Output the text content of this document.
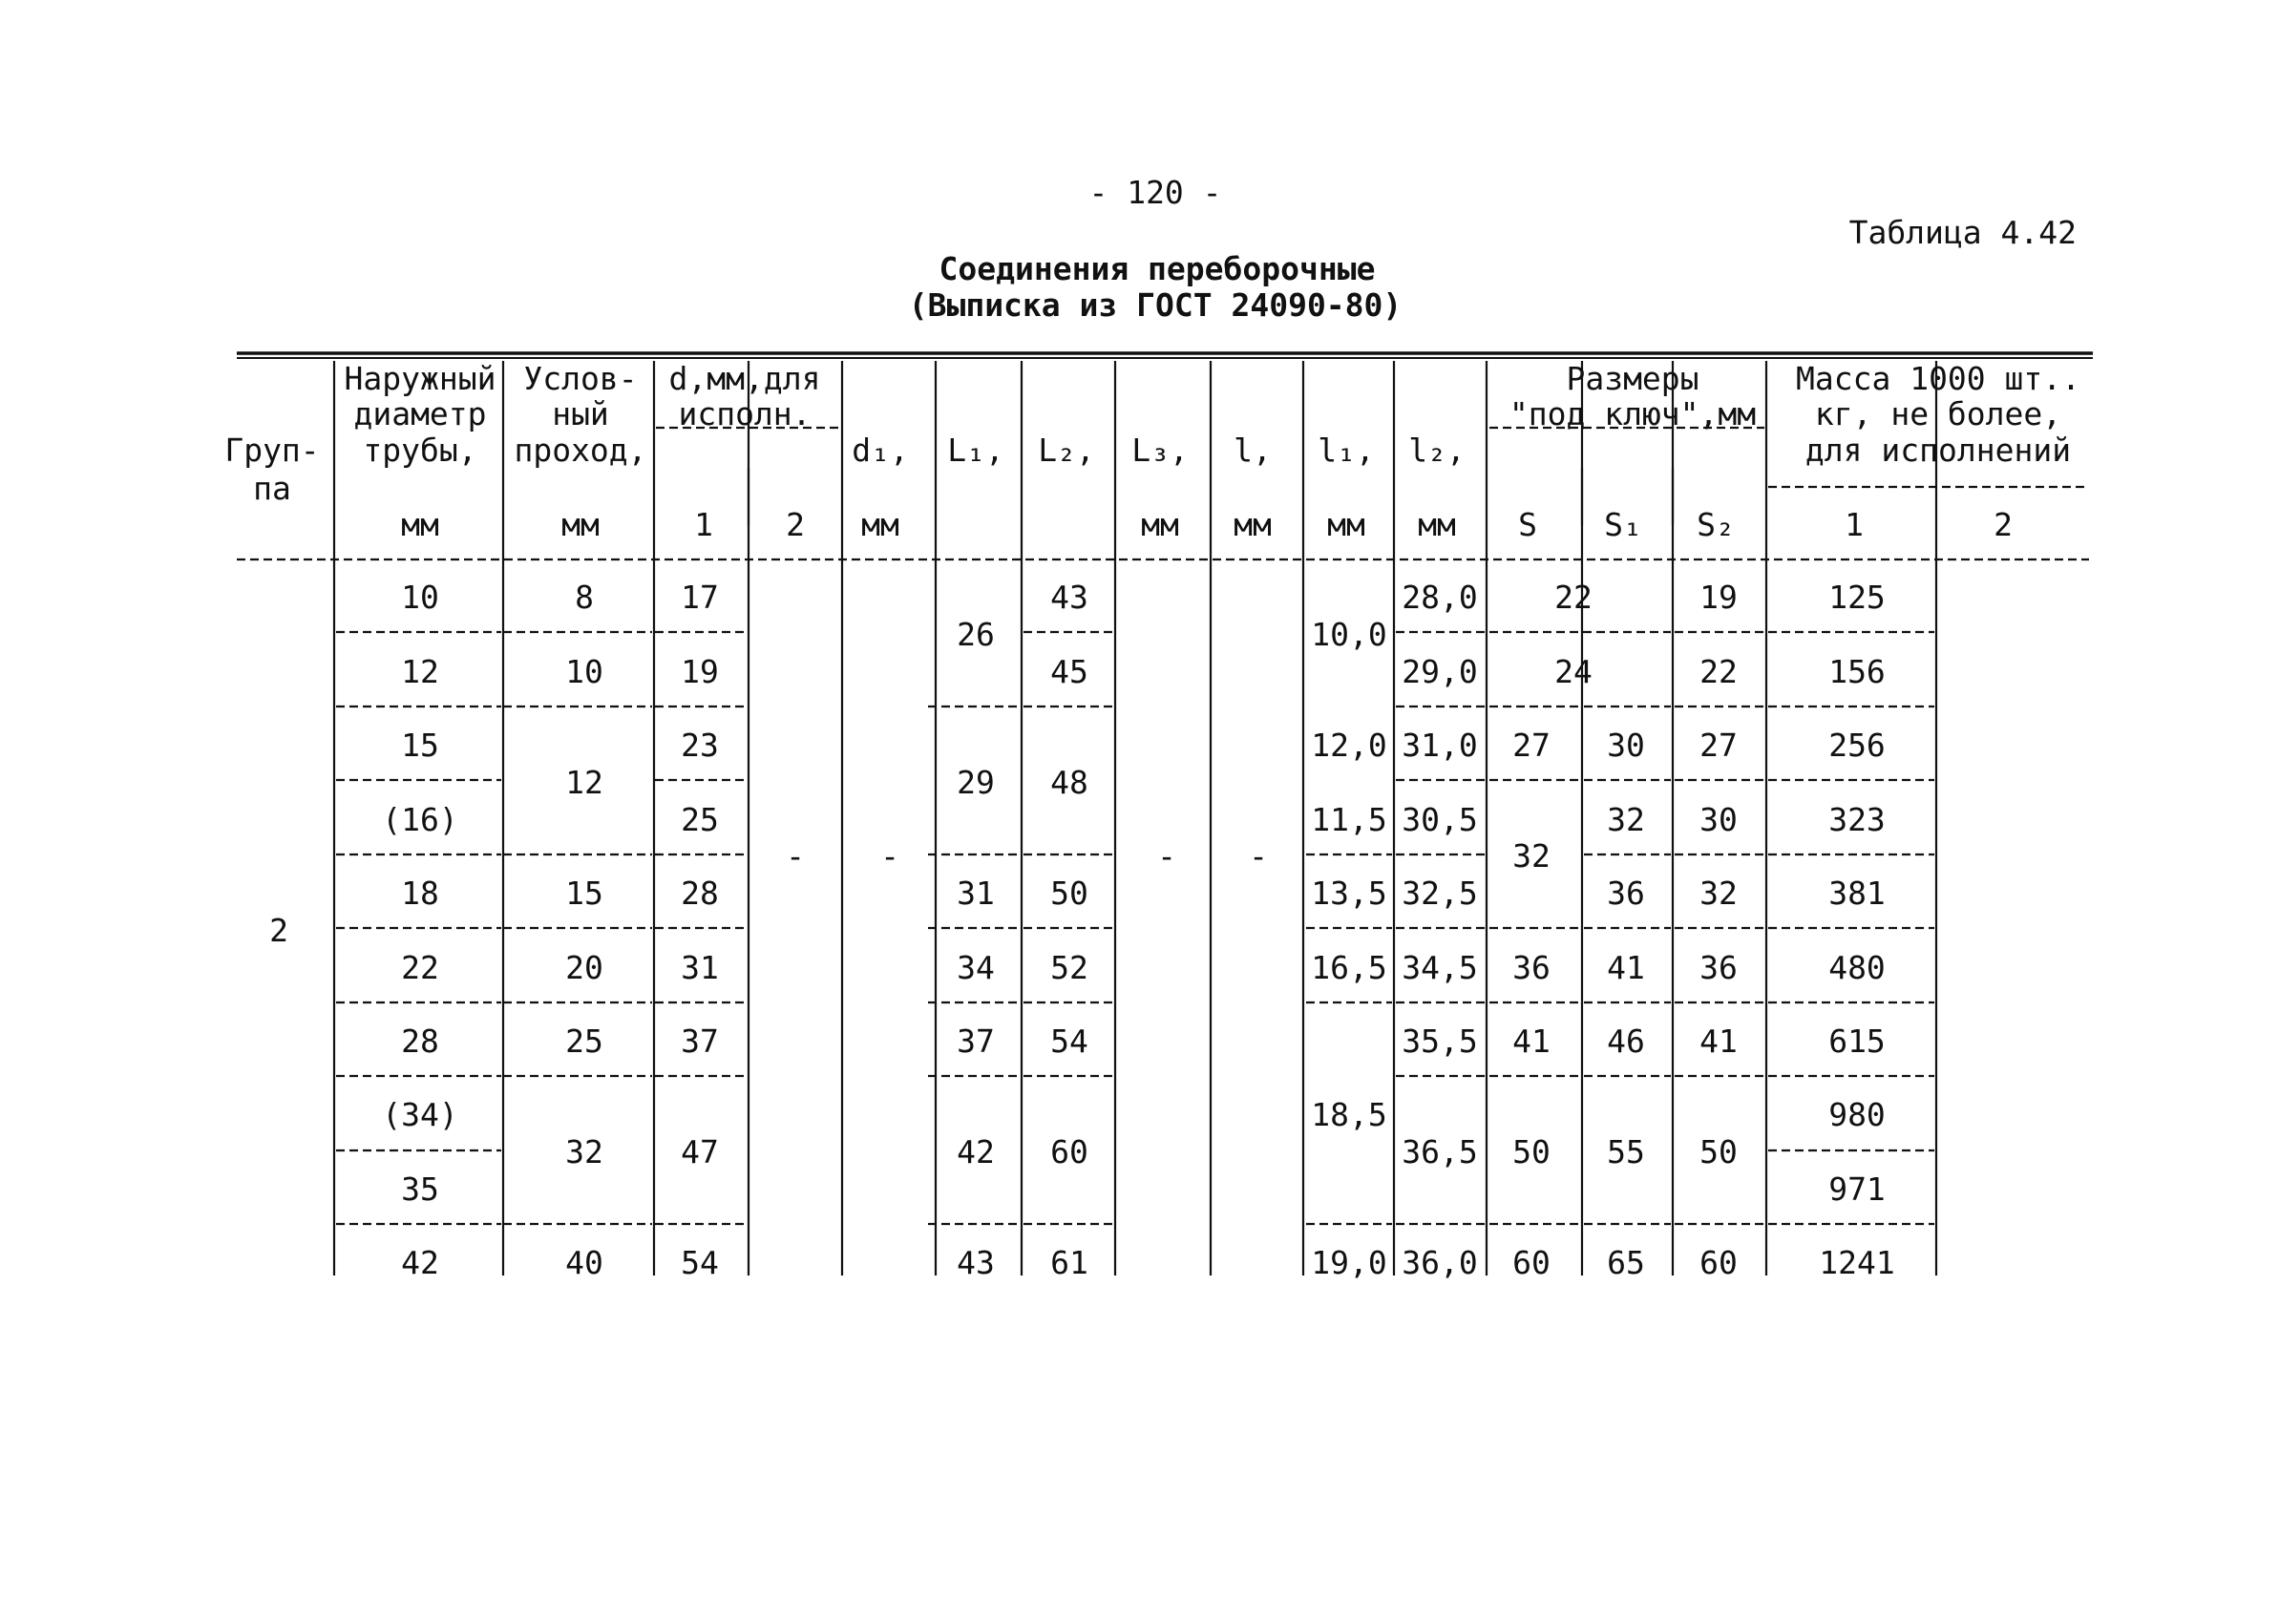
- 120 -
Таблица 4.42
Соединения переборочные
(Выписка из ГОСТ 24090-80)
Груп-
па
Наружный
диаметр
трубы,
мм
Услов-
ный
проход,
мм
d,мм,для
исполн.
1 2
d₁,
мм
L₁, L₂, L₃,
мм
l,
мм
l₁,
мм
l₂,
мм
Размеры
"под ключ",мм
S S₁ S₂
Масса 1000 шт..
кг, не более,
для исполнений
1	2
2
- -	- -
10
12
15
(16)
18
22
28
(34)
35
42
8
10
12
15
20
25
32
40
17
19
23
25
28
31
37
47
54
26
29
31
34
37
42
43
43
45
48
50
52
54
60
61
10,0
12,0
11,5
13,5
16,5
18,5
19,0
28,0
29,0
31,0
30,5
32,5
34,5
35,5
36,5
36,0
22
24
27
32
36
41
50
60
30
32
36
41
46
55
65
19
22
27
30
32
36
41
50
60
125
156
256
323
381
480
615
980
971
1241
